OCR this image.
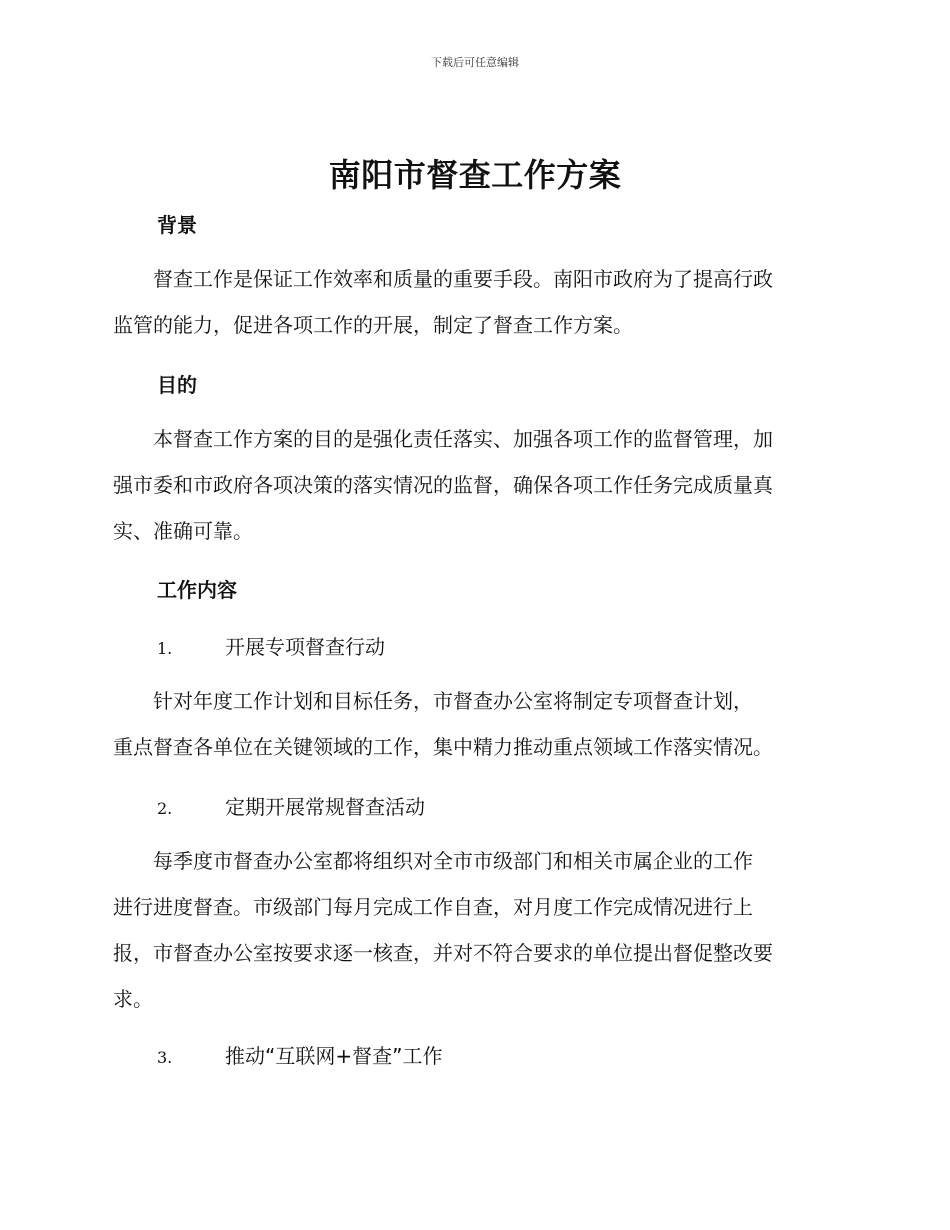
下载后可任意编辑
南阳市督查工作方案
背景
　　督查工作是保证工作效率和质量的重要手段。南阳市政府为了提高行政
监管的能力，促进各项工作的开展，制定了督查工作方案。
目的
　　本督查工作方案的目的是强化责任落实、加强各项工作的监督管理，加
强市委和市政府各项决策的落实情况的监督，确保各项工作任务完成质量真
实、准确可靠。
工作内容
1.	开展专项督查行动
　　针对年度工作计划和目标任务，市督查办公室将制定专项督查计划，
重点督查各单位在关键领域的工作，集中精力推动重点领域工作落实情况。
2.	定期开展常规督查活动
　　每季度市督查办公室都将组织对全市市级部门和相关市属企业的工作
进行进度督查。市级部门每月完成工作自查，对月度工作完成情况进行上
报，市督查办公室按要求逐一核查，并对不符合要求的单位提出督促整改要
求。
3.	推动“互联网+督查”工作
